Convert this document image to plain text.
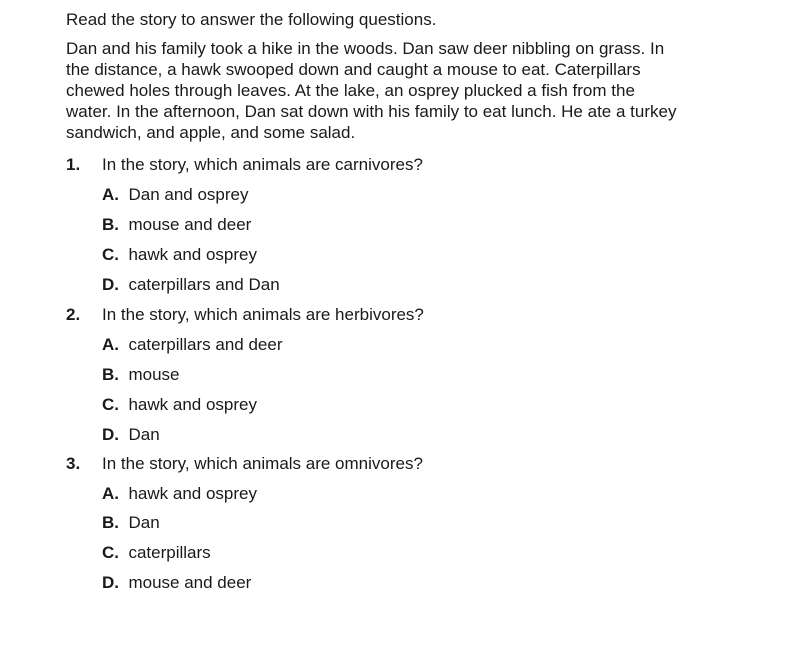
Read the story to answer the following questions.

Dan and his family took a hike in the woods. Dan saw deer nibbling on grass. In
the distance, a hawk swooped down and caught a mouse to eat. Caterpillars
chewed holes through leaves. At the lake, an osprey plucked a fish from the
water. In the afternoon, Dan sat down with his family to eat lunch. He ate a turkey
sandwich, and apple, and some salad.

1. In the story, which animals are carnivores?
A.  Dan and osprey
B.  mouse and deer
C.  hawk and osprey
D.  caterpillars and Dan
2. In the story, which animals are herbivores?
A.  caterpillars and deer
B.  mouse
C.  hawk and osprey
D.  Dan
3. In the story, which animals are omnivores?
A.  hawk and osprey
B.  Dan
C.  caterpillars
D.  mouse and deer
